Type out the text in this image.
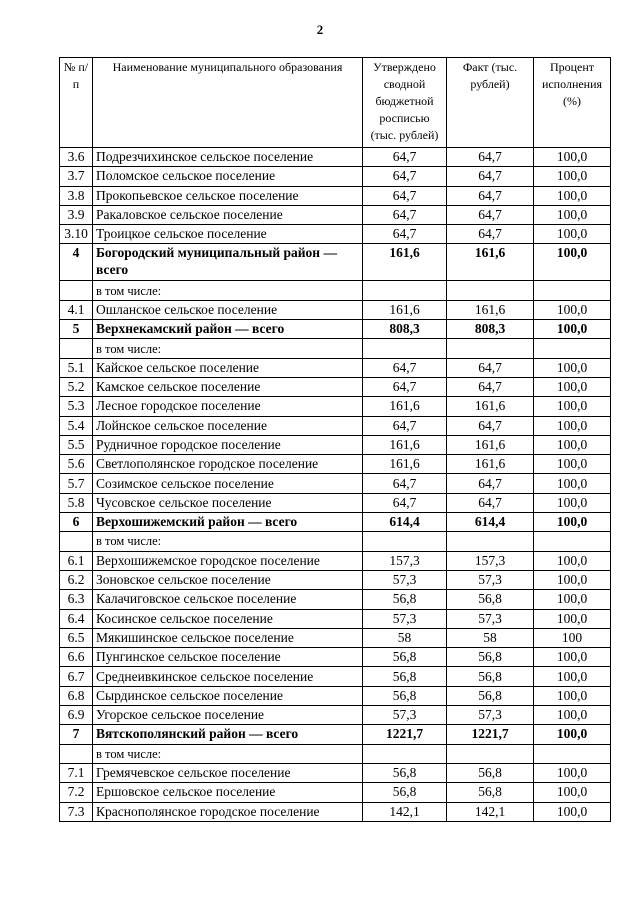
2
№ п/п	Наименование муниципального образования	Утверждено сводной бюджетной росписью (тыс. рублей)	Факт (тыс. рублей)	Процент исполнения (%)
3.6	Подрезчихинское сельское поселение	64,7	64,7	100,0
3.7	Поломское сельское поселение	64,7	64,7	100,0
3.8	Прокопьевское сельское поселение	64,7	64,7	100,0
3.9	Ракаловское сельское поселение	64,7	64,7	100,0
3.10	Троицкое сельское поселение	64,7	64,7	100,0
4	Богородский муниципальный район — всего	161,6	161,6	100,0
	в том числе:			
4.1	Ошланское сельское поселение	161,6	161,6	100,0
5	Верхнекамский район — всего	808,3	808,3	100,0
	в том числе:			
5.1	Кайское сельское поселение	64,7	64,7	100,0
5.2	Камское сельское поселение	64,7	64,7	100,0
5.3	Лесное городское поселение	161,6	161,6	100,0
5.4	Лойнское сельское поселение	64,7	64,7	100,0
5.5	Рудничное городское поселение	161,6	161,6	100,0
5.6	Светлополянское городское поселение	161,6	161,6	100,0
5.7	Созимское сельское поселение	64,7	64,7	100,0
5.8	Чусовское сельское поселение	64,7	64,7	100,0
6	Верхошижемский район — всего	614,4	614,4	100,0
	в том числе:			
6.1	Верхошижемское городское поселение	157,3	157,3	100,0
6.2	Зоновское сельское поселение	57,3	57,3	100,0
6.3	Калачиговское сельское поселение	56,8	56,8	100,0
6.4	Косинское сельское поселение	57,3	57,3	100,0
6.5	Мякишинское сельское поселение	58	58	100
6.6	Пунгинское сельское поселение	56,8	56,8	100,0
6.7	Среднеивкинское сельское поселение	56,8	56,8	100,0
6.8	Сырдинское сельское поселение	56,8	56,8	100,0
6.9	Угорское сельское поселение	57,3	57,3	100,0
7	Вятскополянский район — всего	1221,7	1221,7	100,0
	в том числе:			
7.1	Гремячевское сельское поселение	56,8	56,8	100,0
7.2	Ершовское сельское поселение	56,8	56,8	100,0
7.3	Краснополянское городское поселение	142,1	142,1	100,0
